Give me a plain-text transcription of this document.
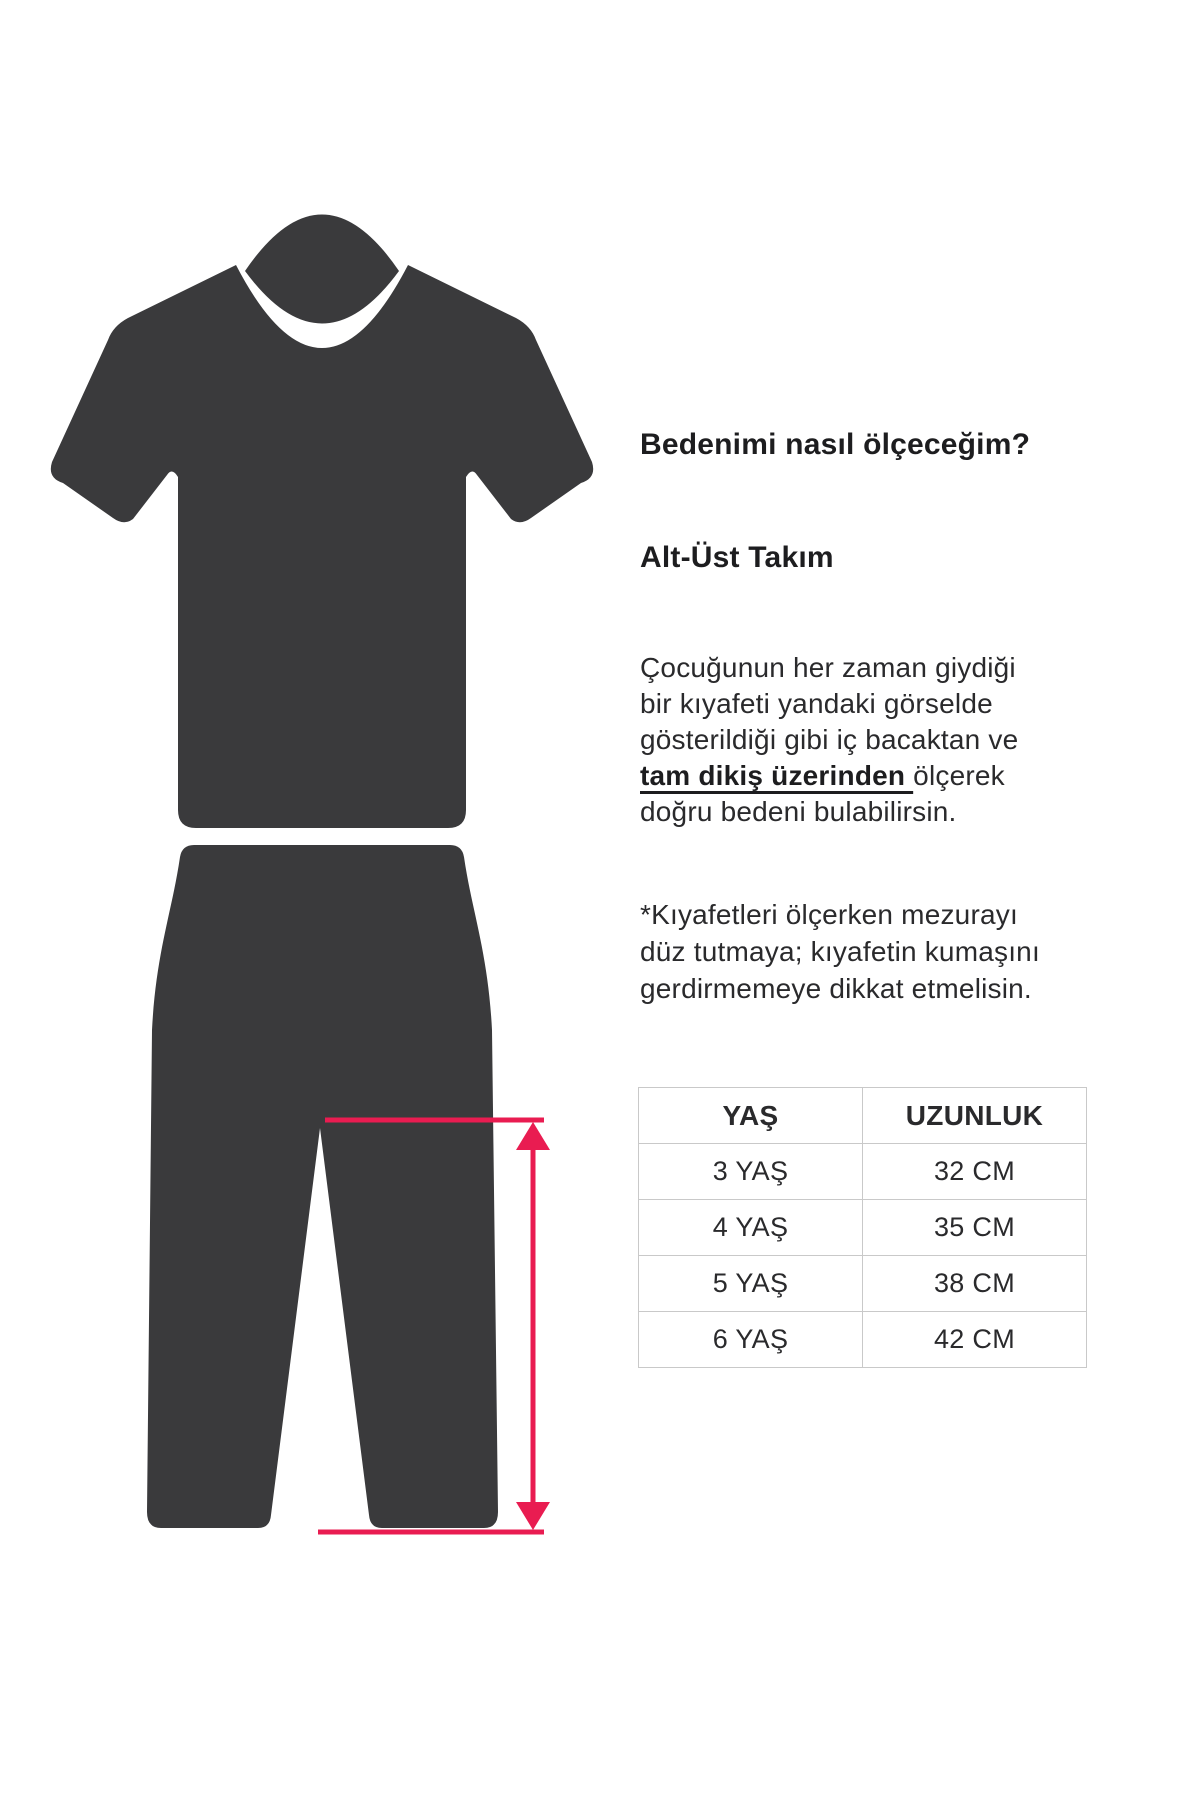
Bedenimi nasıl ölçeceğim?
Alt-Üst Takım
Çocuğunun her zaman giydiği
bir kıyafeti yandaki görselde
gösterildiği gibi iç bacaktan ve
tam dikiş üzerinden ölçerek
doğru bedeni bulabilirsin.
*Kıyafetleri ölçerken mezurayı
düz tutmaya; kıyafetin kumaşını
gerdirmemeye dikkat etmelisin.
YAŞ	UZUNLUK
3 YAŞ	32 CM
4 YAŞ	35 CM
5 YAŞ	38 CM
6 YAŞ	42 CM
